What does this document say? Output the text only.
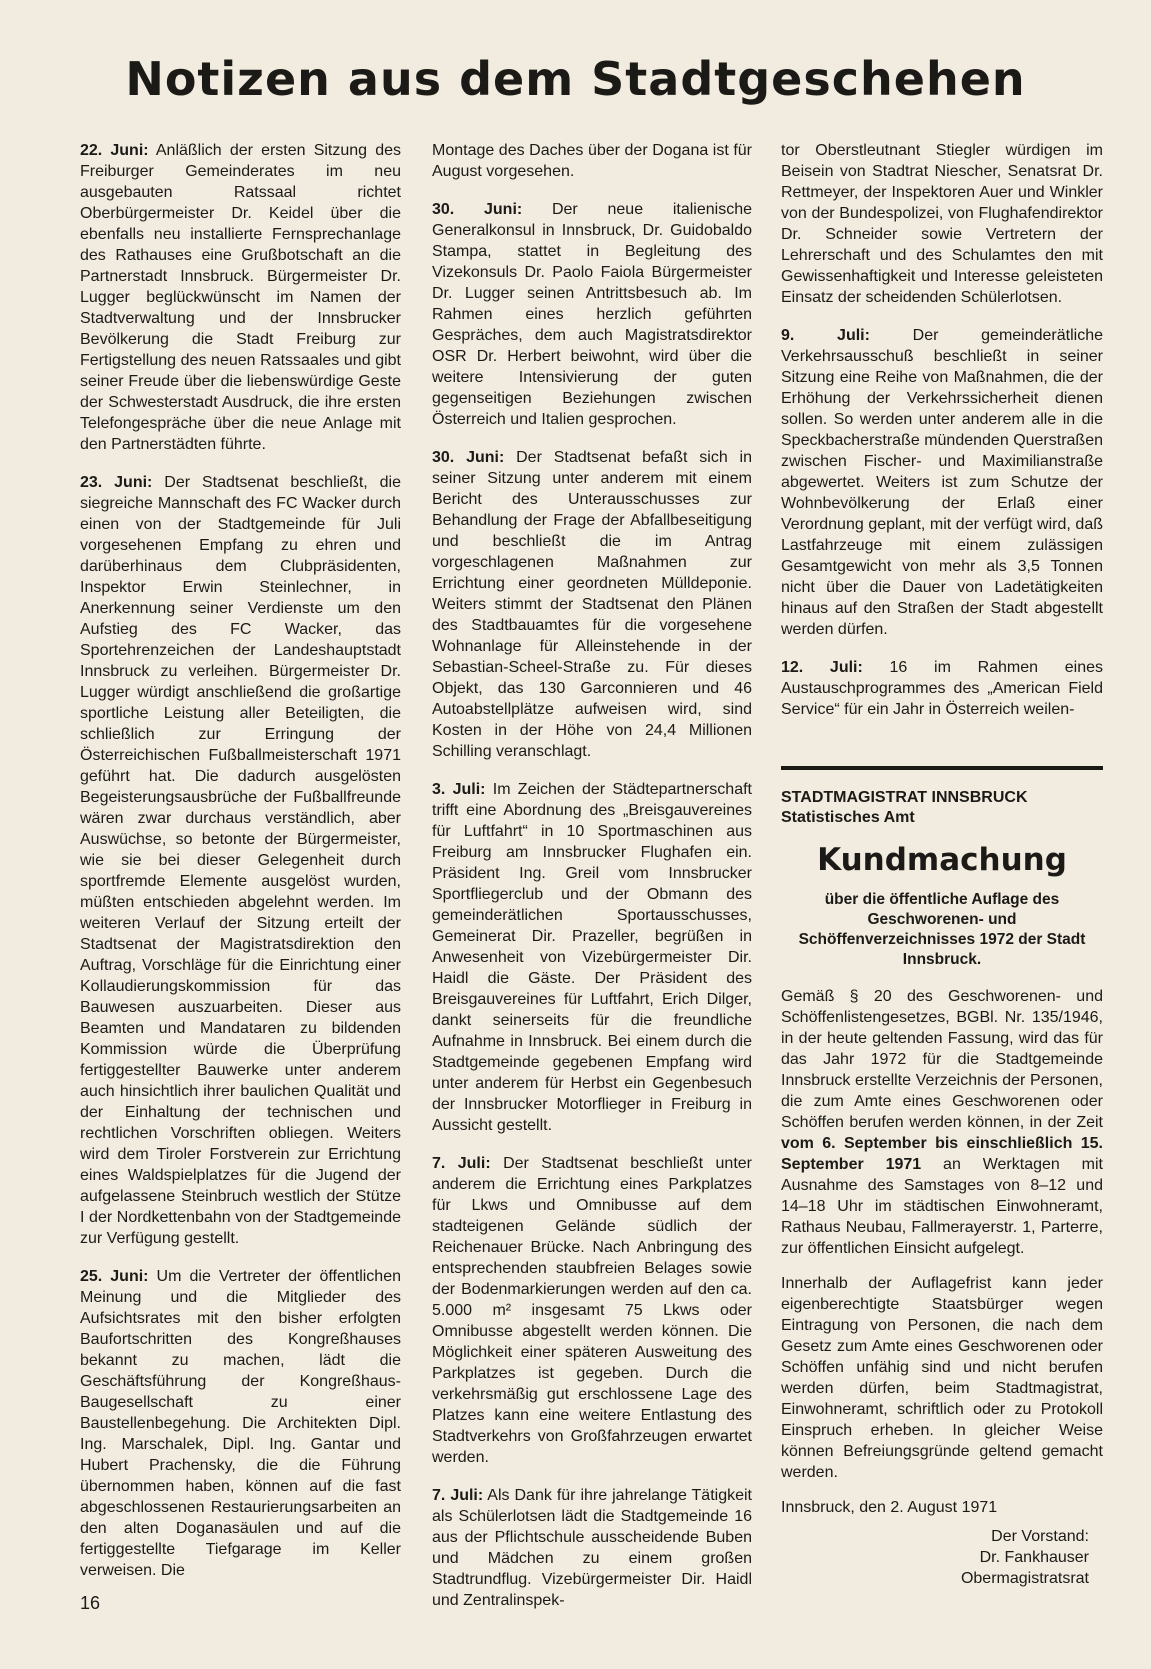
Notizen aus dem Stadtgeschehen

22. Juni: Anläßlich der ersten Sitzung des Freiburger Gemeinderates im neu ausgebauten Ratssaal richtet Oberbürgermeister Dr. Keidel über die ebenfalls neu installierte Fernsprechanlage des Rathauses eine Grußbotschaft an die Partnerstadt Innsbruck. Bürgermeister Dr. Lugger beglückwünscht im Namen der Stadtverwaltung und der Innsbrucker Bevölkerung die Stadt Freiburg zur Fertigstellung des neuen Ratssaales und gibt seiner Freude über die liebenswürdige Geste der Schwesterstadt Ausdruck, die ihre ersten Telefongespräche über die neue Anlage mit den Partnerstädten führte.

23. Juni: Der Stadtsenat beschließt, die siegreiche Mannschaft des FC Wacker durch einen von der Stadtgemeinde für Juli vorgesehenen Empfang zu ehren und darüberhinaus dem Clubpräsidenten, Inspektor Erwin Steinlechner, in Anerkennung seiner Verdienste um den Aufstieg des FC Wacker, das Sportehrenzeichen der Landeshauptstadt Innsbruck zu verleihen. Bürgermeister Dr. Lugger würdigt anschließend die großartige sportliche Leistung aller Beteiligten, die schließlich zur Erringung der Österreichischen Fußballmeisterschaft 1971 geführt hat. Die dadurch ausgelösten Begeisterungsausbrüche der Fußballfreunde wären zwar durchaus verständlich, aber Auswüchse, so betonte der Bürgermeister, wie sie bei dieser Gelegenheit durch sportfremde Elemente ausgelöst wurden, müßten entschieden abgelehnt werden. Im weiteren Verlauf der Sitzung erteilt der Stadtsenat der Magistratsdirektion den Auftrag, Vorschläge für die Einrichtung einer Kollaudierungskommission für das Bauwesen auszuarbeiten. Dieser aus Beamten und Mandataren zu bildenden Kommission würde die Überprüfung fertiggestellter Bauwerke unter anderem auch hinsichtlich ihrer baulichen Qualität und der Einhaltung der technischen und rechtlichen Vorschriften obliegen. Weiters wird dem Tiroler Forstverein zur Errichtung eines Waldspielplatzes für die Jugend der aufgelassene Steinbruch westlich der Stütze I der Nordkettenbahn von der Stadtgemeinde zur Verfügung gestellt.

25. Juni: Um die Vertreter der öffentlichen Meinung und die Mitglieder des Aufsichtsrates mit den bisher erfolgten Baufortschritten des Kongreßhauses bekannt zu machen, lädt die Geschäftsführung der Kongreßhaus-Baugesellschaft zu einer Baustellenbegehung. Die Architekten Dipl. Ing. Marschalek, Dipl. Ing. Gantar und Hubert Prachensky, die die Führung übernommen haben, können auf die fast abgeschlossenen Restaurierungsarbeiten an den alten Doganasäulen und auf die fertiggestellte Tiefgarage im Keller verweisen. Die

Montage des Daches über der Dogana ist für August vorgesehen.

30. Juni: Der neue italienische Generalkonsul in Innsbruck, Dr. Guidobaldo Stampa, stattet in Begleitung des Vizekonsuls Dr. Paolo Faiola Bürgermeister Dr. Lugger seinen Antrittsbesuch ab. Im Rahmen eines herzlich geführten Gespräches, dem auch Magistratsdirektor OSR Dr. Herbert beiwohnt, wird über die weitere Intensivierung der guten gegenseitigen Beziehungen zwischen Österreich und Italien gesprochen.

30. Juni: Der Stadtsenat befaßt sich in seiner Sitzung unter anderem mit einem Bericht des Unterausschusses zur Behandlung der Frage der Abfallbeseitigung und beschließt die im Antrag vorgeschlagenen Maßnahmen zur Errichtung einer geordneten Mülldeponie. Weiters stimmt der Stadtsenat den Plänen des Stadtbauamtes für die vorgesehene Wohnanlage für Alleinstehende in der Sebastian-Scheel-Straße zu. Für dieses Objekt, das 130 Garconnieren und 46 Autoabstellplätze aufweisen wird, sind Kosten in der Höhe von 24,4 Millionen Schilling veranschlagt.

3. Juli: Im Zeichen der Städtepartnerschaft trifft eine Abordnung des „Breisgauvereines für Luftfahrt“ in 10 Sportmaschinen aus Freiburg am Innsbrucker Flughafen ein. Präsident Ing. Greil vom Innsbrucker Sportfliegerclub und der Obmann des gemeinderätlichen Sportausschusses, Gemeinerat Dir. Prazeller, begrüßen in Anwesenheit von Vizebürgermeister Dir. Haidl die Gäste. Der Präsident des Breisgauvereines für Luftfahrt, Erich Dilger, dankt seinerseits für die freundliche Aufnahme in Innsbruck. Bei einem durch die Stadtgemeinde gegebenen Empfang wird unter anderem für Herbst ein Gegenbesuch der Innsbrucker Motorflieger in Freiburg in Aussicht gestellt.

7. Juli: Der Stadtsenat beschließt unter anderem die Errichtung eines Parkplatzes für Lkws und Omnibusse auf dem stadteigenen Gelände südlich der Reichenauer Brücke. Nach Anbringung des entsprechenden staubfreien Belages sowie der Bodenmarkierungen werden auf den ca. 5.000 m² insgesamt 75 Lkws oder Omnibusse abgestellt werden können. Die Möglichkeit einer späteren Ausweitung des Parkplatzes ist gegeben. Durch die verkehrsmäßig gut erschlossene Lage des Platzes kann eine weitere Entlastung des Stadtverkehrs von Großfahrzeugen erwartet werden.

7. Juli: Als Dank für ihre jahrelange Tätigkeit als Schülerlotsen lädt die Stadtgemeinde 16 aus der Pflichtschule ausscheidende Buben und Mädchen zu einem großen Stadtrundflug. Vizebürgermeister Dir. Haidl und Zentralinspek-

tor Oberstleutnant Stiegler würdigen im Beisein von Stadtrat Niescher, Senatsrat Dr. Rettmeyer, der Inspektoren Auer und Winkler von der Bundespolizei, von Flughafendirektor Dr. Schneider sowie Vertretern der Lehrerschaft und des Schulamtes den mit Gewissenhaftigkeit und Interesse geleisteten Einsatz der scheidenden Schülerlotsen.

9. Juli: Der gemeinderätliche Verkehrsausschuß beschließt in seiner Sitzung eine Reihe von Maßnahmen, die der Erhöhung der Verkehrssicherheit dienen sollen. So werden unter anderem alle in die Speckbacherstraße mündenden Querstraßen zwischen Fischer- und Maximilianstraße abgewertet. Weiters ist zum Schutze der Wohnbevölkerung der Erlaß einer Verordnung geplant, mit der verfügt wird, daß Lastfahrzeuge mit einem zulässigen Gesamtgewicht von mehr als 3,5 Tonnen nicht über die Dauer von Ladetätigkeiten hinaus auf den Straßen der Stadt abgestellt werden dürfen.

12. Juli: 16 im Rahmen eines Austauschprogrammes des „American Field Service“ für ein Jahr in Österreich weilen-

STADTMAGISTRAT INNSBRUCK
Statistisches Amt
Kundmachung
über die öffentliche Auflage des Geschworenen- und Schöffenverzeichnisses 1972 der Stadt Innsbruck.

Gemäß § 20 des Geschworenen- und Schöffenlistengesetzes, BGBl. Nr. 135/1946, in der heute geltenden Fassung, wird das für das Jahr 1972 für die Stadtgemeinde Innsbruck erstellte Verzeichnis der Personen, die zum Amte eines Geschworenen oder Schöffen berufen werden können, in der Zeit vom 6. September bis einschließlich 15. September 1971 an Werktagen mit Ausnahme des Samstages von 8–12 und 14–18 Uhr im städtischen Einwohneramt, Rathaus Neubau, Fallmerayerstr. 1, Parterre, zur öffentlichen Einsicht aufgelegt.

Innerhalb der Auflagefrist kann jeder eigenberechtigte Staatsbürger wegen Eintragung von Personen, die nach dem Gesetz zum Amte eines Geschworenen oder Schöffen unfähig sind und nicht berufen werden dürfen, beim Stadtmagistrat, Einwohneramt, schriftlich oder zu Protokoll Einspruch erheben. In gleicher Weise können Befreiungsgründe geltend gemacht werden.

Innsbruck, den 2. August 1971

Der Vorstand:
Dr. Fankhauser
Obermagistratsrat
16
